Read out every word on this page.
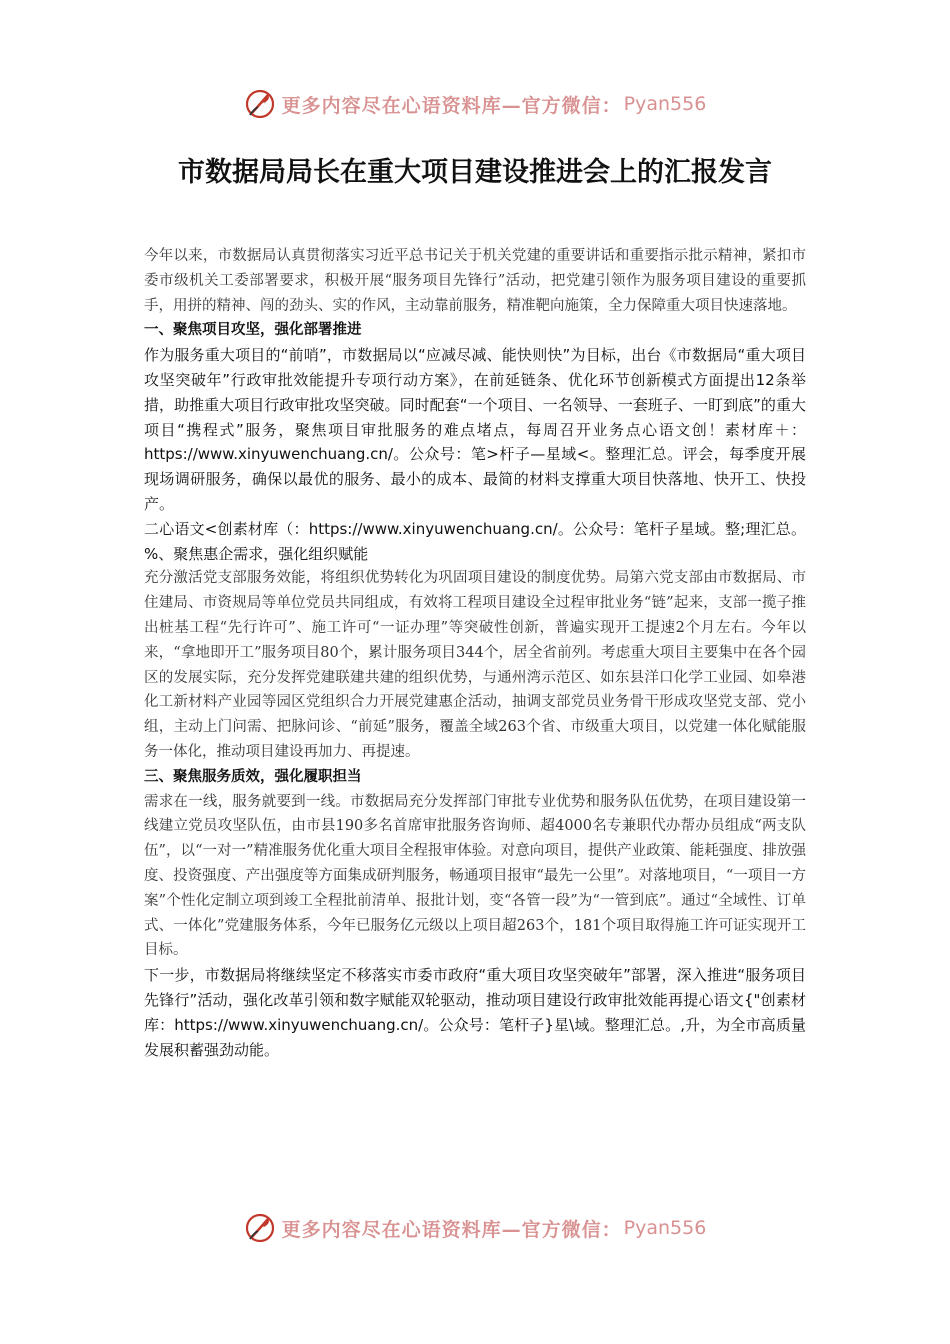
更多内容尽在心语资料库—官方微信： Pyan556
市数据局局长在重大项目建设推进会上的汇报发言

今年以来，市数据局认真贯彻落实习近平总书记关于机关党建的重要讲话和重要指示批示精神，紧扣市委市级机关工委部署要求，积极开展“服务项目先锋行”活动，把党建引领作为服务项目建设的重要抓手，用拼的精神、闯的劲头、实的作风，主动靠前服务，精准靶向施策，全力保障重大项目快速落地。

一、聚焦项目攻坚，强化部署推进

作为服务重大项目的“前哨”，市数据局以“应减尽减、能快则快”为目标，出台《市数据局“重大项目攻坚突破年”行政审批效能提升专项行动方案》，在前延链条、优化环节创新模式方面提出12条举措，助推重大项目行政审批攻坚突破。同时配套“一个项目、一名领导、一套班子、一盯到底”的重大项目“携程式”服务，聚焦项目审批服务的难点堵点，每周召开业务点心语文创！素材库＋：https://www.xinyuwenchuang.cn/。公众号：笔>杆子—星域<。整理汇总。评会，每季度开展现场调研服务，确保以最优的服务、最小的成本、最简的材料支撑重大项目快落地、快开工、快投产。

二心语文<创素材库（：https://www.xinyuwenchuang.cn/。公众号：笔杆子星域。整;理汇总。%、聚焦惠企需求，强化组织赋能

充分激活党支部服务效能，将组织优势转化为巩固项目建设的制度优势。局第六党支部由市数据局、市住建局、市资规局等单位党员共同组成，有效将工程项目建设全过程审批业务“链”起来，支部一揽子推出桩基工程“先行许可”、施工许可“一证办理”等突破性创新，普遍实现开工提速2个月左右。今年以来，“拿地即开工”服务项目80个，累计服务项目344个，居全省前列。考虑重大项目主要集中在各个园区的发展实际，充分发挥党建联建共建的组织优势，与通州湾示范区、如东县洋口化学工业园、如皋港化工新材料产业园等园区党组织合力开展党建惠企活动，抽调支部党员业务骨干形成攻坚党支部、党小组，主动上门问需、把脉问诊、“前延”服务，覆盖全域263个省、市级重大项目，以党建一体化赋能服务一体化，推动项目建设再加力、再提速。

三、聚焦服务质效，强化履职担当

需求在一线，服务就要到一线。市数据局充分发挥部门审批专业优势和服务队伍优势，在项目建设第一线建立党员攻坚队伍，由市县190多名首席审批服务咨询师、超4000名专兼职代办帮办员组成“两支队伍”，以“一对一”精准服务优化重大项目全程报审体验。对意向项目，提供产业政策、能耗强度、排放强度、投资强度、产出强度等方面集成研判服务，畅通项目报审“最先一公里”。对落地项目，“一项目一方案”个性化定制立项到竣工全程批前清单、报批计划，变“各管一段”为“一管到底”。通过“全域性、订单式、一体化”党建服务体系，今年已服务亿元级以上项目超263个，181个项目取得施工许可证实现开工目标。

下一步，市数据局将继续坚定不移落实市委市政府“重大项目攻坚突破年”部署，深入推进“服务项目先锋行”活动，强化改革引领和数字赋能双轮驱动，推动项目建设行政审批效能再提心语文{"创素材库：https://www.xinyuwenchuang.cn/。公众号：笔杆子}星\域。整理汇总。,升，为全市高质量发展积蓄强劲动能。

更多内容尽在心语资料库—官方微信： Pyan556
